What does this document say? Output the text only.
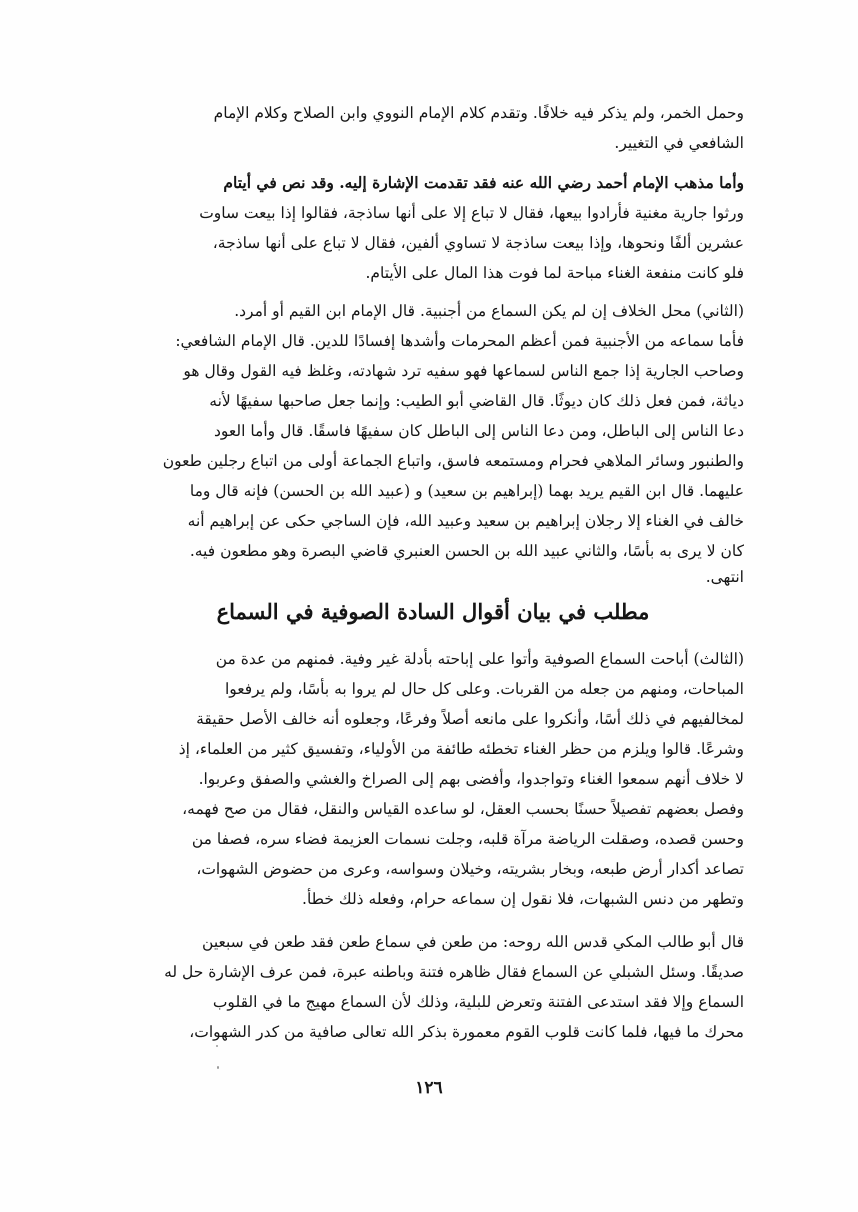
وحمل الخمر، ولم يذكر فيه خلافًا. وتقدم كلام الإمام النووي وابن الصلاح وكلام الإمام
الشافعي في التغيير.
وأما مذهب الإمام أحمد رضي الله عنه فقد تقدمت الإشارة إليه. وقد نص في أيتام
ورثوا جارية مغنية فأرادوا بيعها، فقال لا تباع إلا على أنها ساذجة، فقالوا إذا بيعت ساوت
عشرين ألفًا ونحوها، وإذا بيعت ساذجة لا تساوي ألفين، فقال لا تباع على أنها ساذجة،
فلو كانت منفعة الغناء مباحة لما فوت هذا المال على الأيتام.
(الثاني) محل الخلاف إن لم يكن السماع من أجنبية. قال الإمام ابن القيم أو أمرد.
فأما سماعه من الأجنبية فمن أعظم المحرمات وأشدها إفسادًا للدين. قال الإمام الشافعي:
وصاحب الجارية إذا جمع الناس لسماعها فهو سفيه ترد شهادته، وغلظ فيه القول وقال هو
دياثة، فمن فعل ذلك كان ديوثًا. قال القاضي أبو الطيب: وإنما جعل صاحبها سفيهًا لأنه
دعا الناس إلى الباطل، ومن دعا الناس إلى الباطل كان سفيهًا فاسقًا. قال وأما العود
والطنبور وسائر الملاهي فحرام ومستمعه فاسق، واتباع الجماعة أولى من اتباع رجلين طعون
عليهما. قال ابن القيم يريد بهما (إبراهيم بن سعيد) و (عبيد الله بن الحسن) فإنه قال وما
خالف في الغناء إلا رجلان إبراهيم بن سعيد وعبيد الله، فإن الساجي حكى عن إبراهيم أنه
كان لا يرى به بأسًا، والثاني عبيد الله بن الحسن العنبري قاضي البصرة وهو مطعون فيه.
انتهى.
مطلب في بيان أقوال السادة الصوفية في السماع
(الثالث) أباحت السماع الصوفية وأتوا على إباحته بأدلة غير وفية. فمنهم من عدة من
المباحات، ومنهم من جعله من القربات. وعلى كل حال لم يروا به بأسًا، ولم يرفعوا
لمخالفيهم في ذلك أسًا، وأنكروا على مانعه أصلاً وفرعًا، وجعلوه أنه خالف الأصل حقيقة
وشرعًا. قالوا ويلزم من حظر الغناء تخطئه طائفة من الأولياء، وتفسيق كثير من العلماء، إذ
لا خلاف أنهم سمعوا الغناء وتواجدوا، وأفضى بهم إلى الصراخ والغشي والصفق وعربوا.
وفصل بعضهم تفصيلاً حسنًا بحسب العقل، لو ساعده القياس والنقل، فقال من صح فهمه،
وحسن قصده، وصقلت الرياضة مرآة قلبه، وجلت نسمات العزيمة فضاء سره، فصفا من
تصاعد أكدار أرض طبعه، وبخار بشريته، وخيلان وسواسه، وعرى من حضوض الشهوات،
وتطهر من دنس الشبهات، فلا نقول إن سماعه حرام، وفعله ذلك خطأ.
قال أبو طالب المكي قدس الله روحه: من طعن في سماع طعن فقد طعن في سبعين
صديقًا. وسئل الشبلي عن السماع فقال ظاهره فتنة وباطنه عبرة، فمن عرف الإشارة حل له
السماع وإلا فقد استدعى الفتنة وتعرض للبلية، وذلك لأن السماع مهيج ما في القلوب
محرك ما فيها، فلما كانت قلوب القوم معمورة بذكر الله تعالى صافية من كدر الشهوات،
١٢٦
